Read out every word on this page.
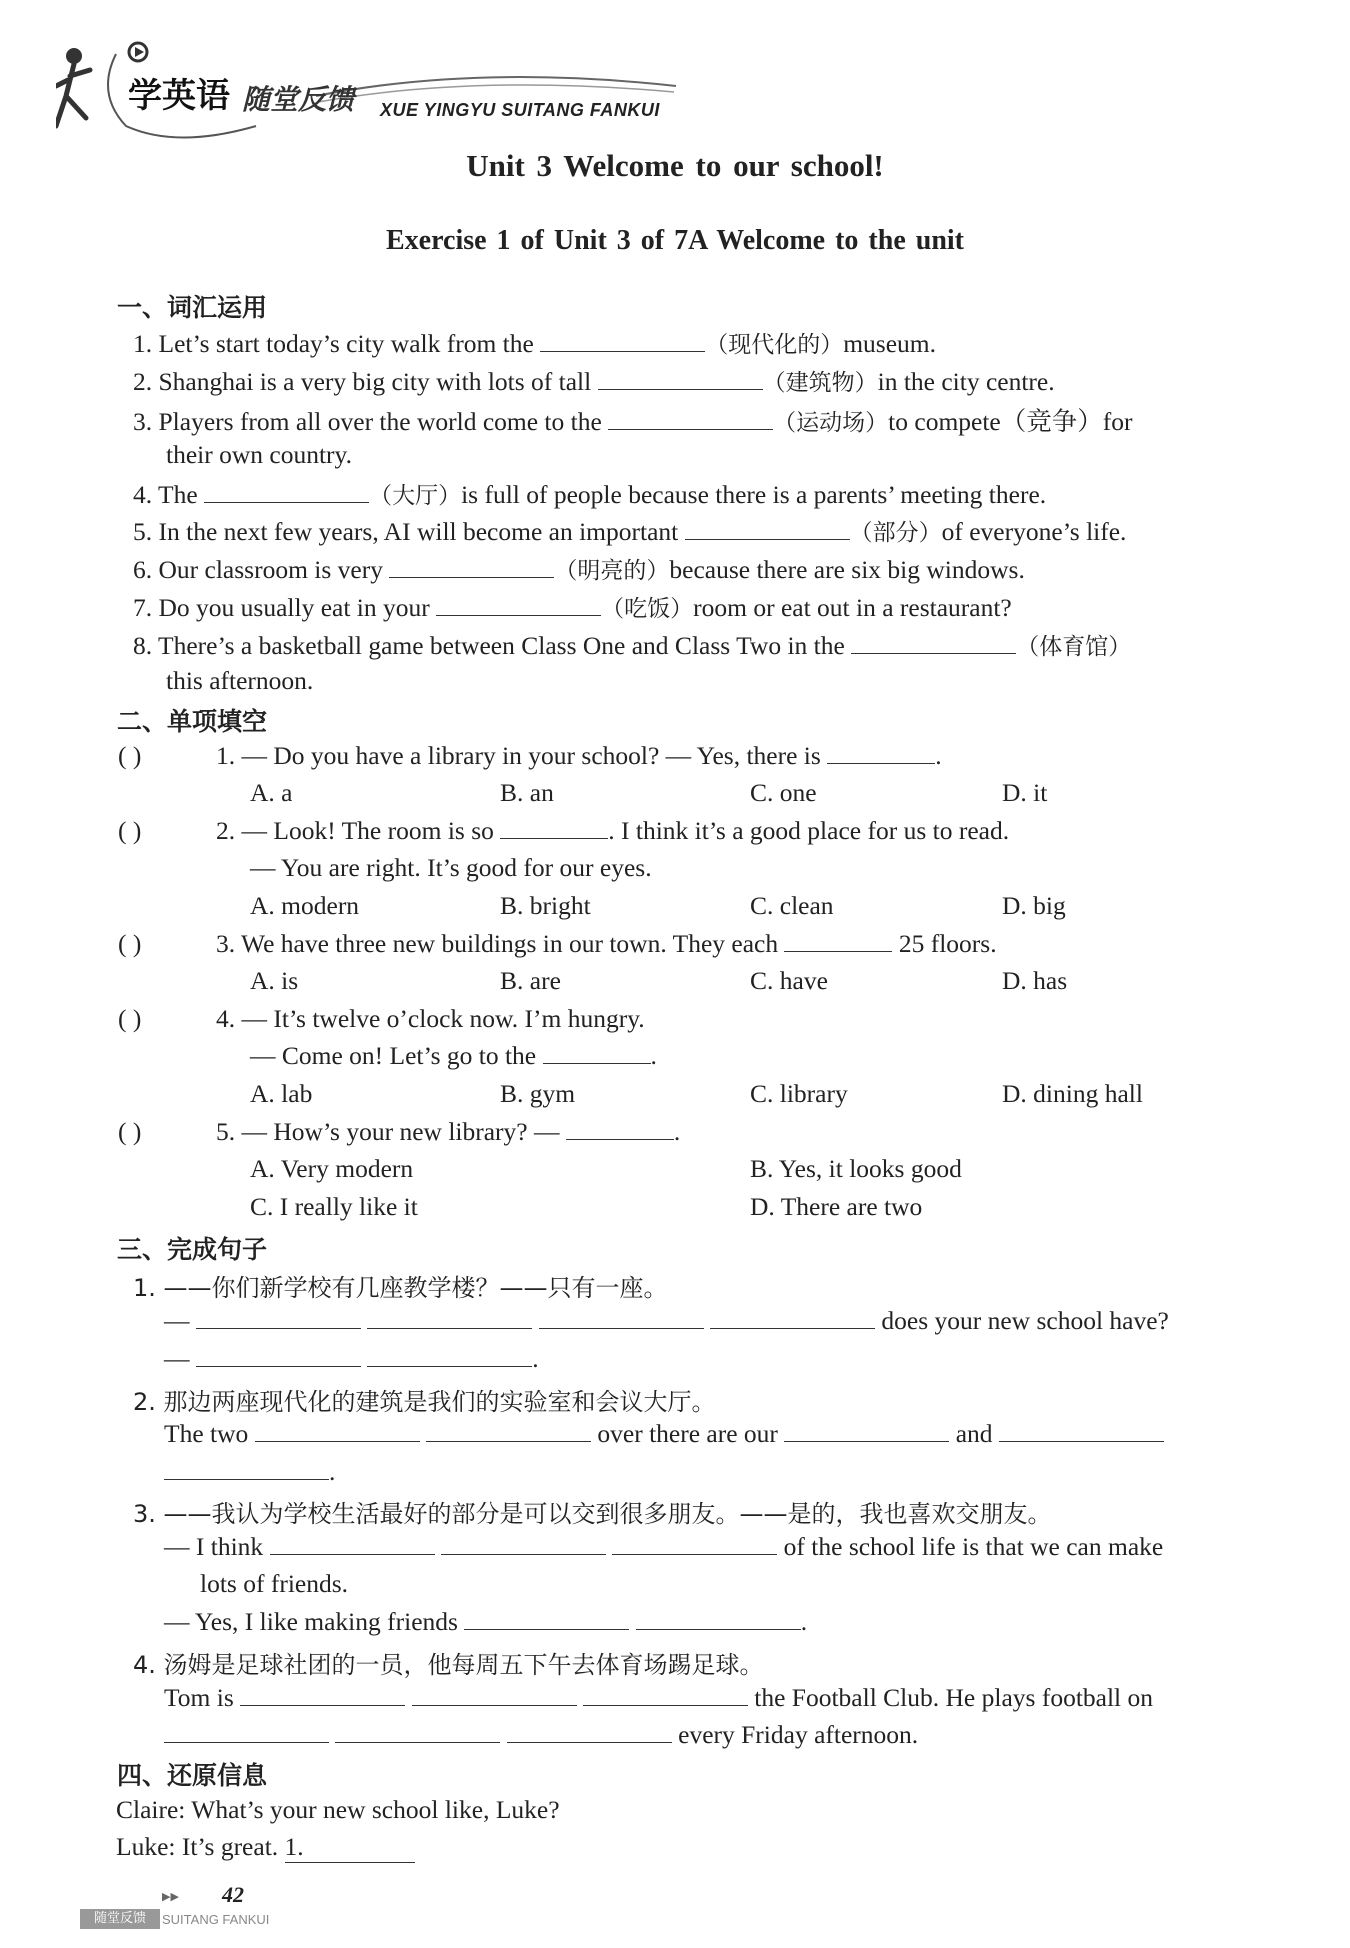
学英语 随堂反馈 XUE YINGYU SUITANG FANKUI
Unit 3 Welcome to our school!
Exercise 1 of Unit 3 of 7A Welcome to the unit
一、词汇运用
1. Let’s start today’s city walk from the	（现代化的）museum.
2. Shanghai is a very big city with lots of tall	（建筑物）in the city centre.
3. Players from all over the world come to the	（运动场）to compete（竞争）for
their own country.
4. The	（大厅）is full of people because there is a parents’ meeting there.
5. In the next few years, AI will become an important	（部分）of everyone’s life.
6. Our classroom is very	（明亮的）because there are six big windows.
7. Do you usually eat in your	（吃饭）room or eat out in a restaurant?
8. There’s a basketball game between Class One and Class Two in the	（体育馆）
this afternoon.
二、单项填空
( )	1. — Do you have a library in your school? — Yes, there is	.
A. a	B. an	C. one	D. it
( )	2. — Look! The room is so	. I think it’s a good place for us to read.
— You are right. It’s good for our eyes.
A. modern	B. bright	C. clean	D. big
( )	3. We have three new buildings in our town. They each	25 floors.
A. is	B. are	C. have	D. has
( )	4. — It’s twelve o’clock now. I’m hungry.
— Come on! Let’s go to the	.
A. lab	B. gym	C. library	D. dining hall
( )	5. — How’s your new library? —	.
A. Very modern	B. Yes, it looks good
C. I really like it	D. There are two
三、完成句子
1. ——你们新学校有几座教学楼？——只有一座。
—	does your new school have?
—	.
2. 那边两座现代化的建筑是我们的实验室和会议大厅。
The two	over there are our	and
.
3. ——我认为学校生活最好的部分是可以交到很多朋友。——是的，我也喜欢交朋友。
— I think	of the school life is that we can make
lots of friends.
— Yes, I like making friends	.
4. 汤姆是足球社团的一员，他每周五下午去体育场踢足球。
Tom is	the Football Club. He plays football on
every Friday afternoon.
四、还原信息
Claire: What’s your new school like, Luke?
Luke: It’s great. 1.
▶▶ 42
随堂反馈	SUITANG FANKUI
